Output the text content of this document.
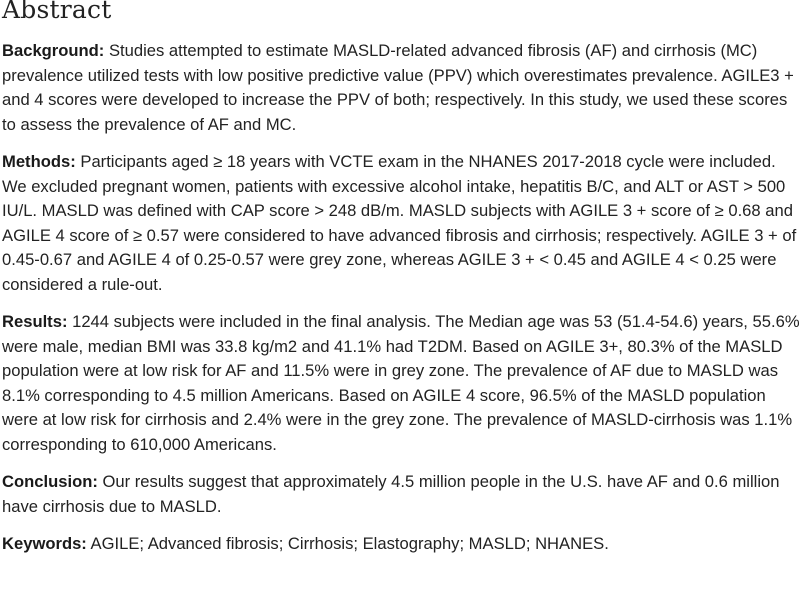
Abstract

Background: Studies attempted to estimate MASLD-related advanced fibrosis (AF) and cirrhosis (MC) prevalence utilized tests with low positive predictive value (PPV) which overestimates prevalence. AGILE3 + and 4 scores were developed to increase the PPV of both; respectively. In this study, we used these scores to assess the prevalence of AF and MC.

Methods: Participants aged ≥ 18 years with VCTE exam in the NHANES 2017-2018 cycle were included. We excluded pregnant women, patients with excessive alcohol intake, hepatitis B/C, and ALT or AST > 500 IU/L. MASLD was defined with CAP score > 248 dB/m. MASLD subjects with AGILE 3 + score of ≥ 0.68 and AGILE 4 score of ≥ 0.57 were considered to have advanced fibrosis and cirrhosis; respectively. AGILE 3 + of 0.45-0.67 and AGILE 4 of 0.25-0.57 were grey zone, whereas AGILE 3 + < 0.45 and AGILE 4 < 0.25 were considered a rule-out.

Results: 1244 subjects were included in the final analysis. The Median age was 53 (51.4-54.6) years, 55.6% were male, median BMI was 33.8 kg/m2 and 41.1% had T2DM. Based on AGILE 3+, 80.3% of the MASLD population were at low risk for AF and 11.5% were in grey zone. The prevalence of AF due to MASLD was 8.1% corresponding to 4.5 million Americans. Based on AGILE 4 score, 96.5% of the MASLD population were at low risk for cirrhosis and 2.4% were in the grey zone. The prevalence of MASLD-cirrhosis was 1.1% corresponding to 610,000 Americans.

Conclusion: Our results suggest that approximately 4.5 million people in the U.S. have AF and 0.6 million have cirrhosis due to MASLD.

Keywords: AGILE; Advanced fibrosis; Cirrhosis; Elastography; MASLD; NHANES.
